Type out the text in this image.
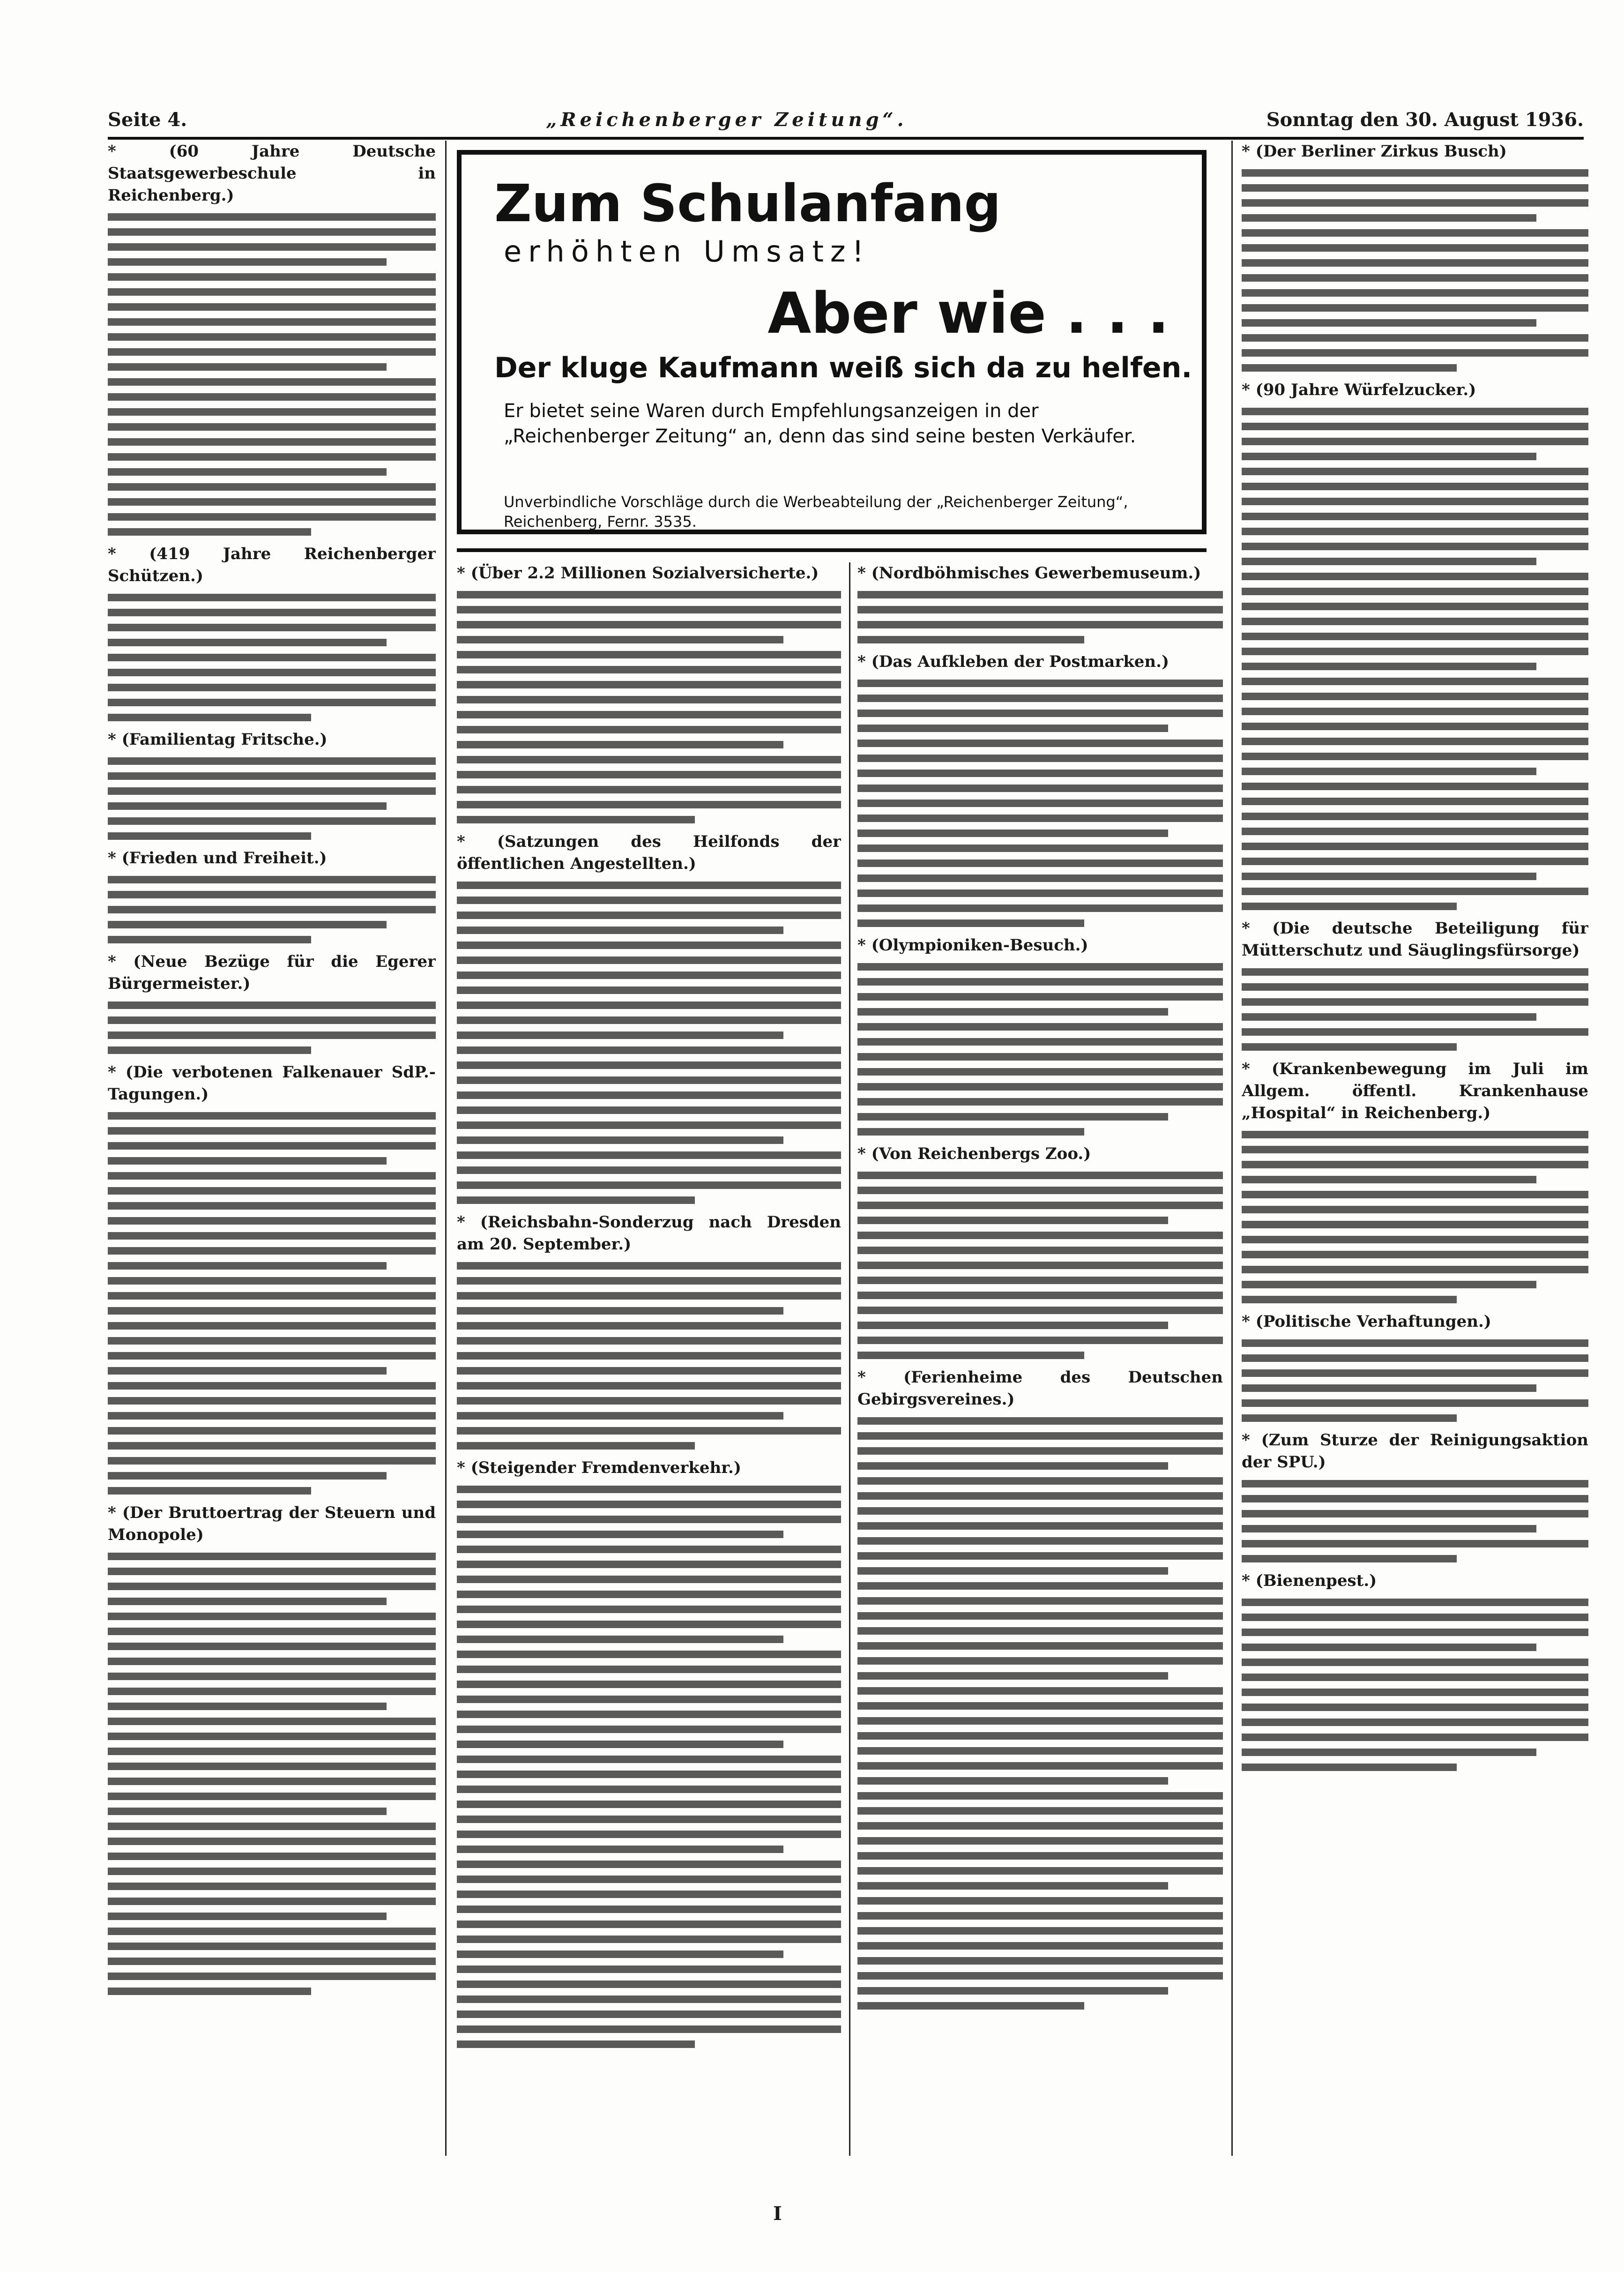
Seite 4.	„Reichenberger Zeitung“.	Sonntag den 30. August 1936.
Zum Schulanfang
erhöhten Umsatz!
Aber wie . . .
Der kluge Kaufmann weiß sich da zu helfen.
Er bietet seine Waren durch Empfehlungsanzeigen in der „Reichenberger Zeitung“ an, denn das sind seine besten Verkäufer.
Unverbindliche Vorschläge durch die Werbeabteilung der „Reichenberger Zeitung“, Reichenberg, Fernr. 3535.
* (60 Jahre Deutsche Staatsgewerbeschule in Reichenberg.)
* (419 Jahre Reichenberger Schützen.)
* (Familientag Fritsche.)
* (Frieden und Freiheit.)
* (Neue Bezüge für die Egerer Bürgermeister.)
* (Die verbotenen Falkenauer SdP.-Tagungen.)
* (Der Bruttoertrag der Steuern und Monopole)
* (Über 2.2 Millionen Sozialversicherte.)
* (Satzungen des Heilfonds der öffentlichen Angestellten.)
* (Reichsbahn-Sonderzug nach Dresden am 20. September.)
* (Steigender Fremdenverkehr.)
* (Nordböhmisches Gewerbemuseum.)
* (Das Aufkleben der Postmarken.)
* (Olympioniken-Besuch.)
* (Von Reichenbergs Zoo.)
* (Ferienheime des Deutschen Gebirgsvereines.)
* (Der Berliner Zirkus Busch)
* (90 Jahre Würfelzucker.)
* (Die deutsche Beteiligung für Mütterschutz und Säuglingsfürsorge)
* (Krankenbewegung im Juli im Allgem. öffentl. Krankenhause „Hospital“ in Reichenberg.)
* (Politische Verhaftungen.)
* (Zum Sturze der Reinigungsaktion der SPU.)
* (Bienenpest.)
I
